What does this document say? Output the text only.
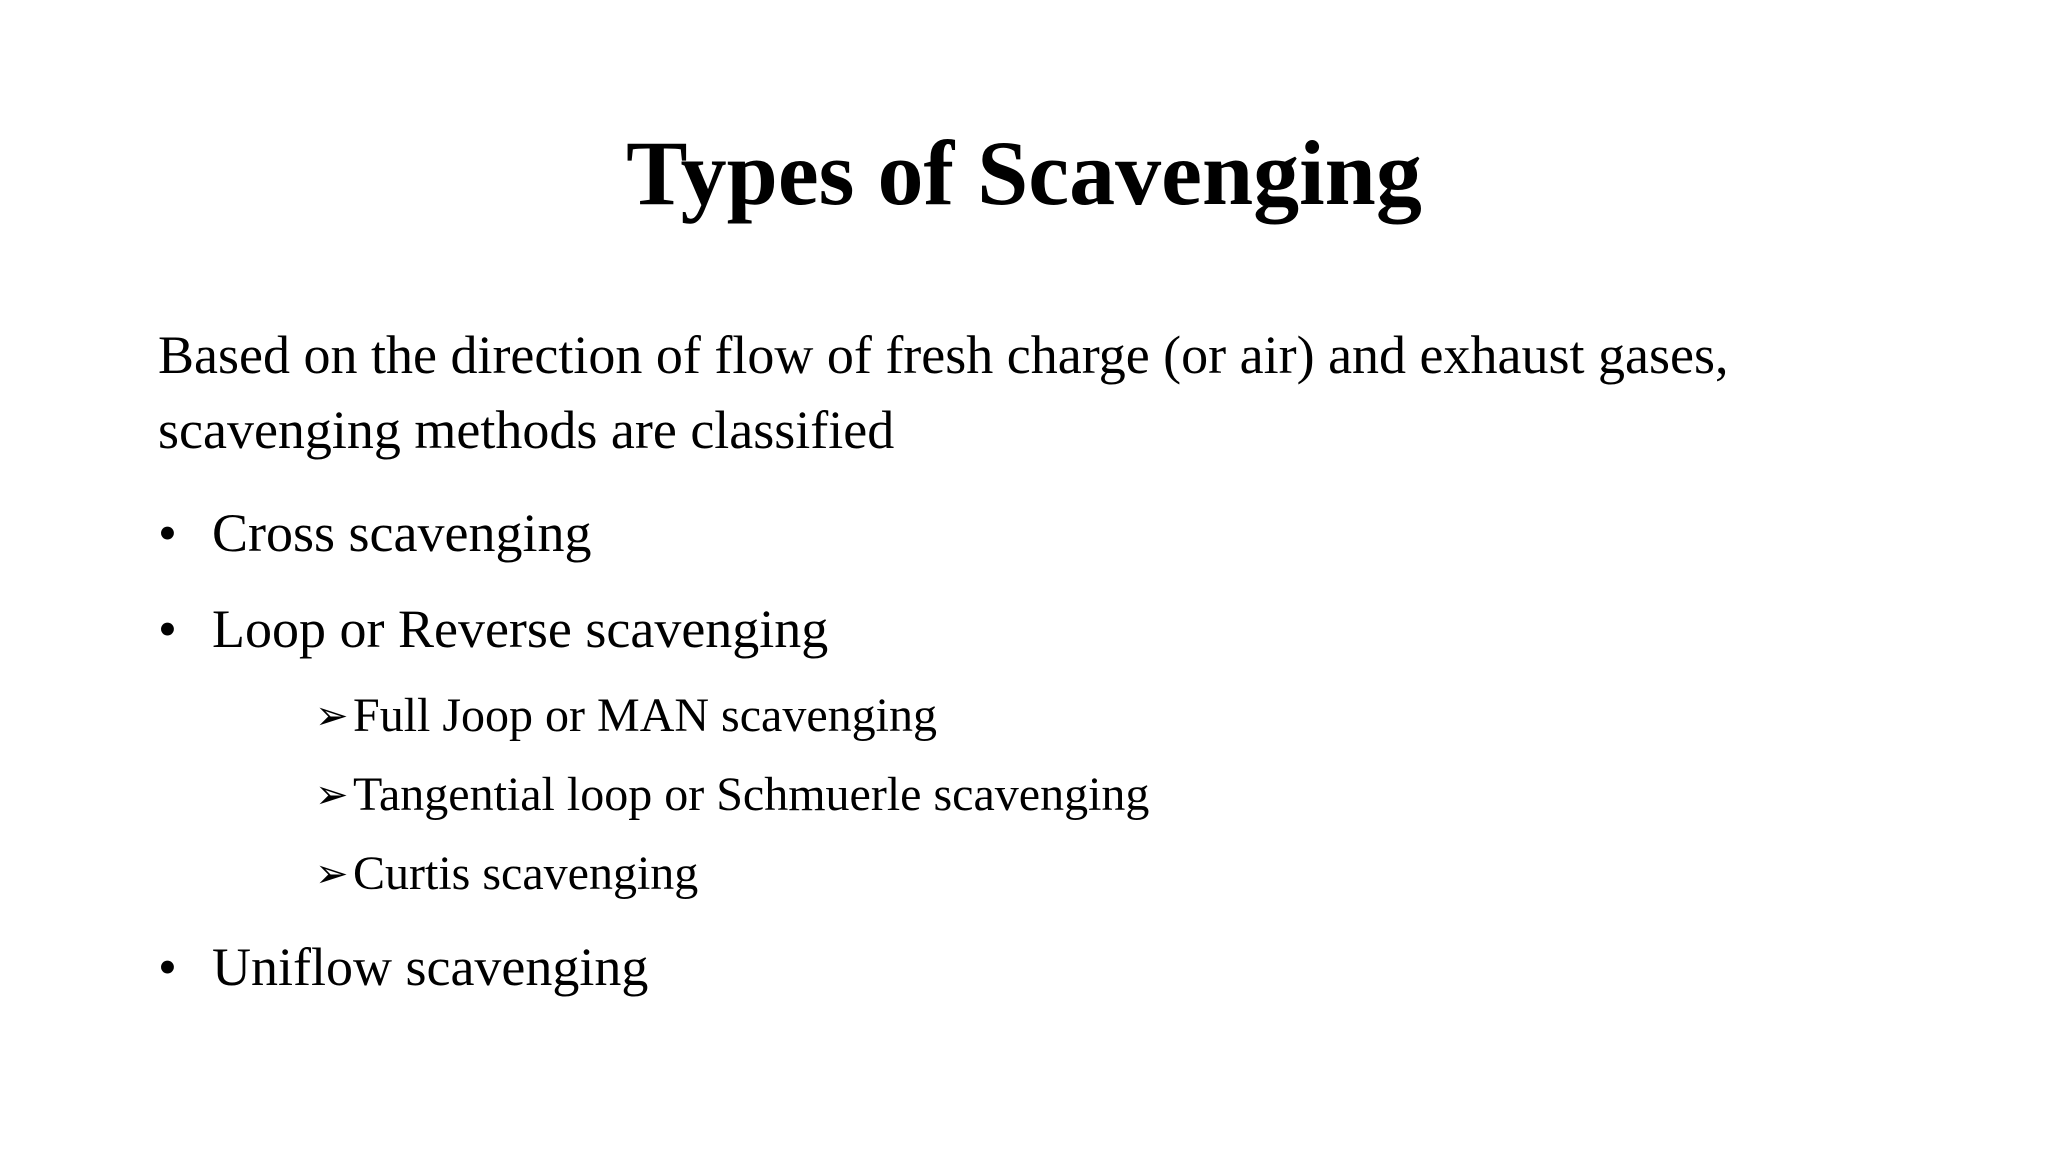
Types of Scavenging
Based on the direction of flow of fresh charge (or air) and exhaust gases,
scavenging methods are classified
• Cross scavenging
• Loop or Reverse scavenging
➢Full Joop or MAN scavenging
➢Tangential loop or Schmuerle scavenging
➢Curtis scavenging
• Uniflow scavenging
